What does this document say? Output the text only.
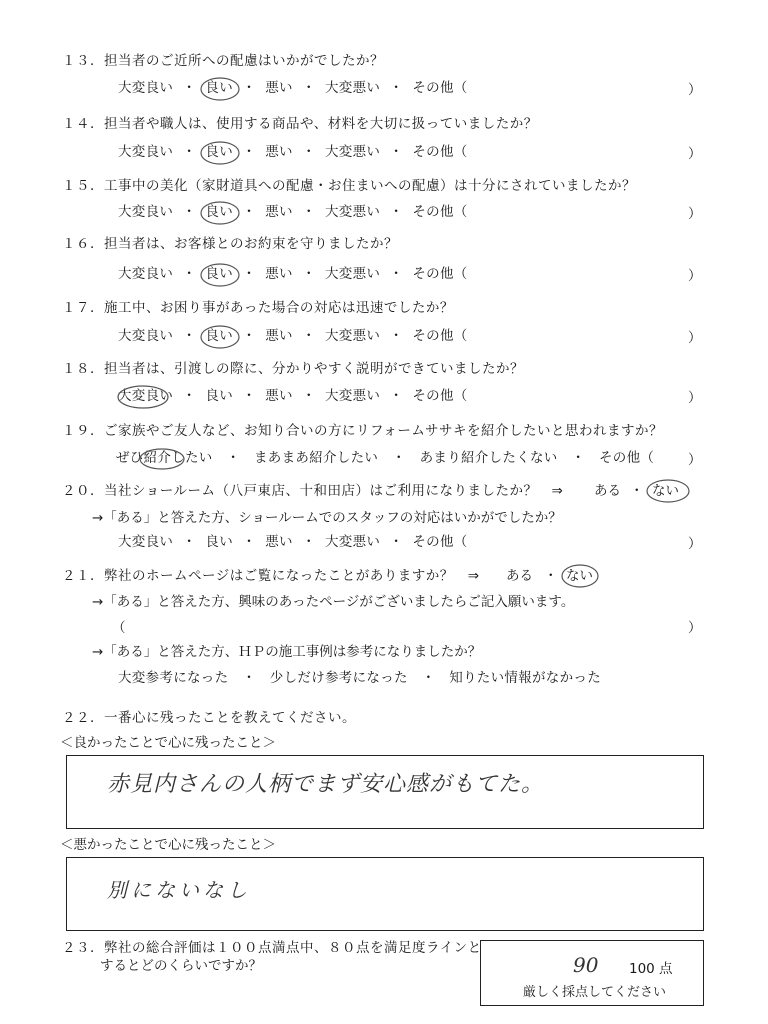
１３．担当者のご近所への配慮はいかがでしたか？
大変良い ・ 良い ・ 悪い ・ 大変悪い ・ その他（	）
１４．担当者や職人は、使用する商品や、材料を大切に扱っていましたか？
大変良い ・ 良い ・ 悪い ・ 大変悪い ・ その他（	）
１５．工事中の美化（家財道具への配慮・お住まいへの配慮）は十分にされていましたか？
大変良い ・ 良い ・ 悪い ・ 大変悪い ・ その他（	）
１６．担当者は、お客様とのお約束を守りましたか？
大変良い ・ 良い ・ 悪い ・ 大変悪い ・ その他（	）
１７．施工中、お困り事があった場合の対応は迅速でしたか？
大変良い ・ 良い ・ 悪い ・ 大変悪い ・ その他（	）
１８．担当者は、引渡しの際に、分かりやすく説明ができていましたか？
大変良い ・ 良い ・ 悪い ・ 大変悪い ・ その他（	）
１９．ご家族やご友人など、お知り合いの方にリフォームササキを紹介したいと思われますか？
ぜひ紹介したい　・　まあまあ紹介したい　・　あまり紹介したくない　・　その他（	）
２０．当社ショールーム（八戸東店、十和田店）はご利用になりましたか？　⇒ ある ・ ない
→「ある」と答えた方、ショールームでのスタッフの対応はいかがでしたか？
大変良い ・ 良い ・ 悪い ・ 大変悪い ・ その他（	）
２１．弊社のホームページはご覧になったことがありますか？　⇒ ある ・ ない
→「ある」と答えた方、興味のあったページがございましたらご記入願います。
（	）
→「ある」と答えた方、ＨＰの施工事例は参考になりましたか？
大変参考になった　・　少しだけ参考になった　・　知りたい情報がなかった
２２．一番心に残ったことを教えてください。
＜良かったことで心に残ったこと＞
赤見内さんの人柄でまず安心感がもてた。
＜悪かったことで心に残ったこと＞
別にないなし
２３．弊社の総合評価は１００点満点中、８０点を満足度ラインと
するとどのくらいですか？	90 100 点
厳しく採点してください
